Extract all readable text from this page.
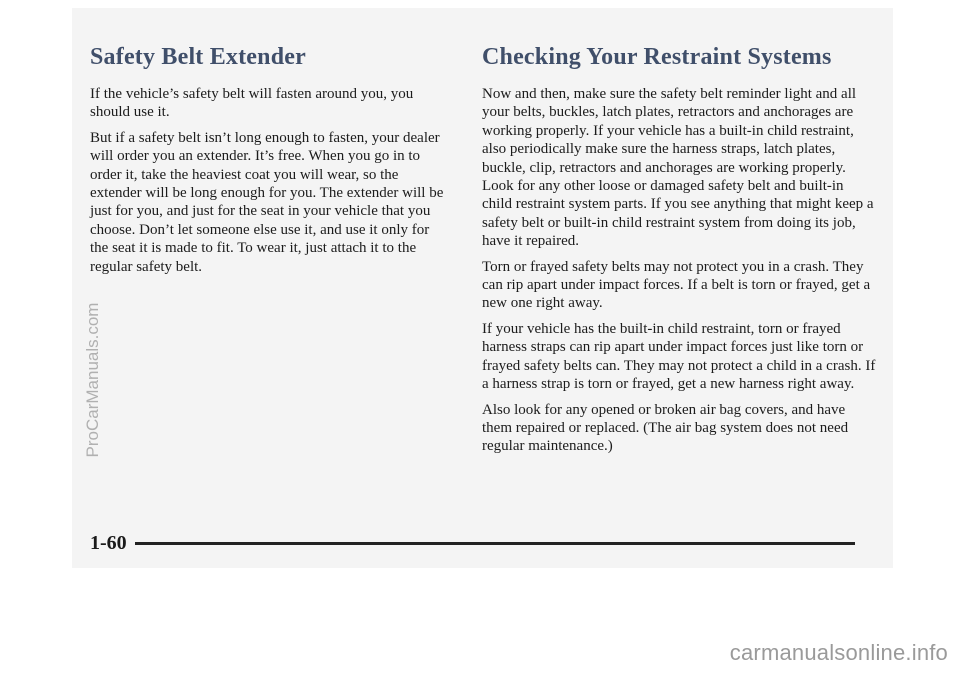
Safety Belt Extender

If the vehicle’s safety belt will fasten around you, you should use it.

But if a safety belt isn’t long enough to fasten, your dealer will order you an extender. It’s free. When you go in to order it, take the heaviest coat you will wear, so the extender will be long enough for you. The extender will be just for you, and just for the seat in your vehicle that you choose. Don’t let someone else use it, and use it only for the seat it is made to fit. To wear it, just attach it to the regular safety belt.

Checking Your Restraint Systems

Now and then, make sure the safety belt reminder light and all your belts, buckles, latch plates, retractors and anchorages are working properly. If your vehicle has a built-in child restraint, also periodically make sure the harness straps, latch plates, buckle, clip, retractors and anchorages are working properly. Look for any other loose or damaged safety belt and built-in child restraint system parts. If you see anything that might keep a safety belt or built-in child restraint system from doing its job, have it repaired.

Torn or frayed safety belts may not protect you in a crash. They can rip apart under impact forces. If a belt is torn or frayed, get a new one right away.

If your vehicle has the built-in child restraint, torn or frayed harness straps can rip apart under impact forces just like torn or frayed safety belts can. They may not protect a child in a crash. If a harness strap is torn or frayed, get a new harness right away.

Also look for any opened or broken air bag covers, and have them repaired or replaced. (The air bag system does not need regular maintenance.)

1-60
ProCarManuals.com
carmanualsonline.info
